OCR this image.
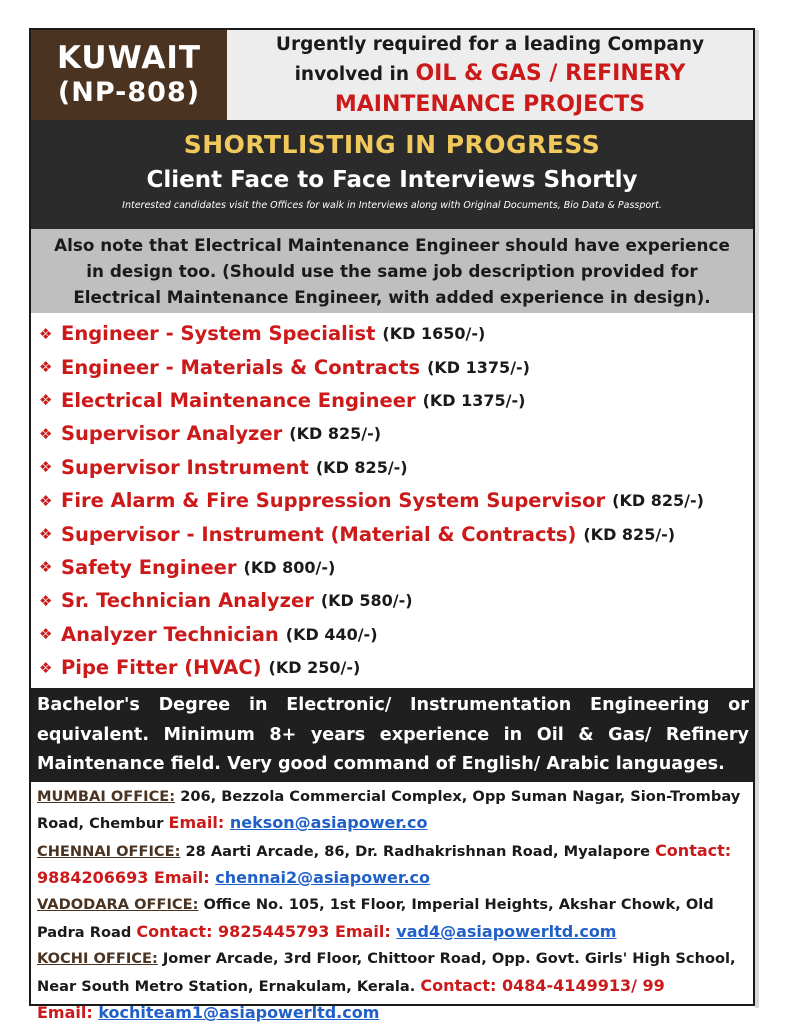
KUWAIT
(NP-808)
Urgently required for a leading Company
involved in OIL & GAS / REFINERY
MAINTENANCE PROJECTS
SHORTLISTING IN PROGRESS
Client Face to Face Interviews Shortly
Interested candidates visit the Offices for walk in Interviews along with Original Documents, Bio Data & Passport.
Also note that Electrical Maintenance Engineer should have experience
in design too. (Should use the same job description provided for
Electrical Maintenance Engineer, with added experience in design).
❖ Engineer - System Specialist (KD 1650/-)
❖ Engineer - Materials & Contracts (KD 1375/-)
❖ Electrical Maintenance Engineer (KD 1375/-)
❖ Supervisor Analyzer (KD 825/-)
❖ Supervisor Instrument (KD 825/-)
❖ Fire Alarm & Fire Suppression System Supervisor (KD 825/-)
❖ Supervisor - Instrument (Material & Contracts) (KD 825/-)
❖ Safety Engineer (KD 800/-)
❖ Sr. Technician Analyzer (KD 580/-)
❖ Analyzer Technician (KD 440/-)
❖ Pipe Fitter (HVAC) (KD 250/-)
Bachelor's Degree in Electronic/ Instrumentation Engineering or
equivalent. Minimum 8+ years experience in Oil & Gas/ Refinery
Maintenance field. Very good command of English/ Arabic languages.
MUMBAI OFFICE: 206, Bezzola Commercial Complex, Opp Suman Nagar, Sion-Trombay
Road, Chembur Email: nekson@asiapower.co
CHENNAI OFFICE: 28 Aarti Arcade, 86, Dr. Radhakrishnan Road, Myalapore Contact:
9884206693 Email: chennai2@asiapower.co
VADODARA OFFICE: Office No. 105, 1st Floor, Imperial Heights, Akshar Chowk, Old
Padra Road Contact: 9825445793 Email: vad4@asiapowerltd.com
KOCHI OFFICE: Jomer Arcade, 3rd Floor, Chittoor Road, Opp. Govt. Girls' High School,
Near South Metro Station, Ernakulam, Kerala. Contact: 0484-4149913/ 99
Email: kochiteam1@asiapowerltd.com
